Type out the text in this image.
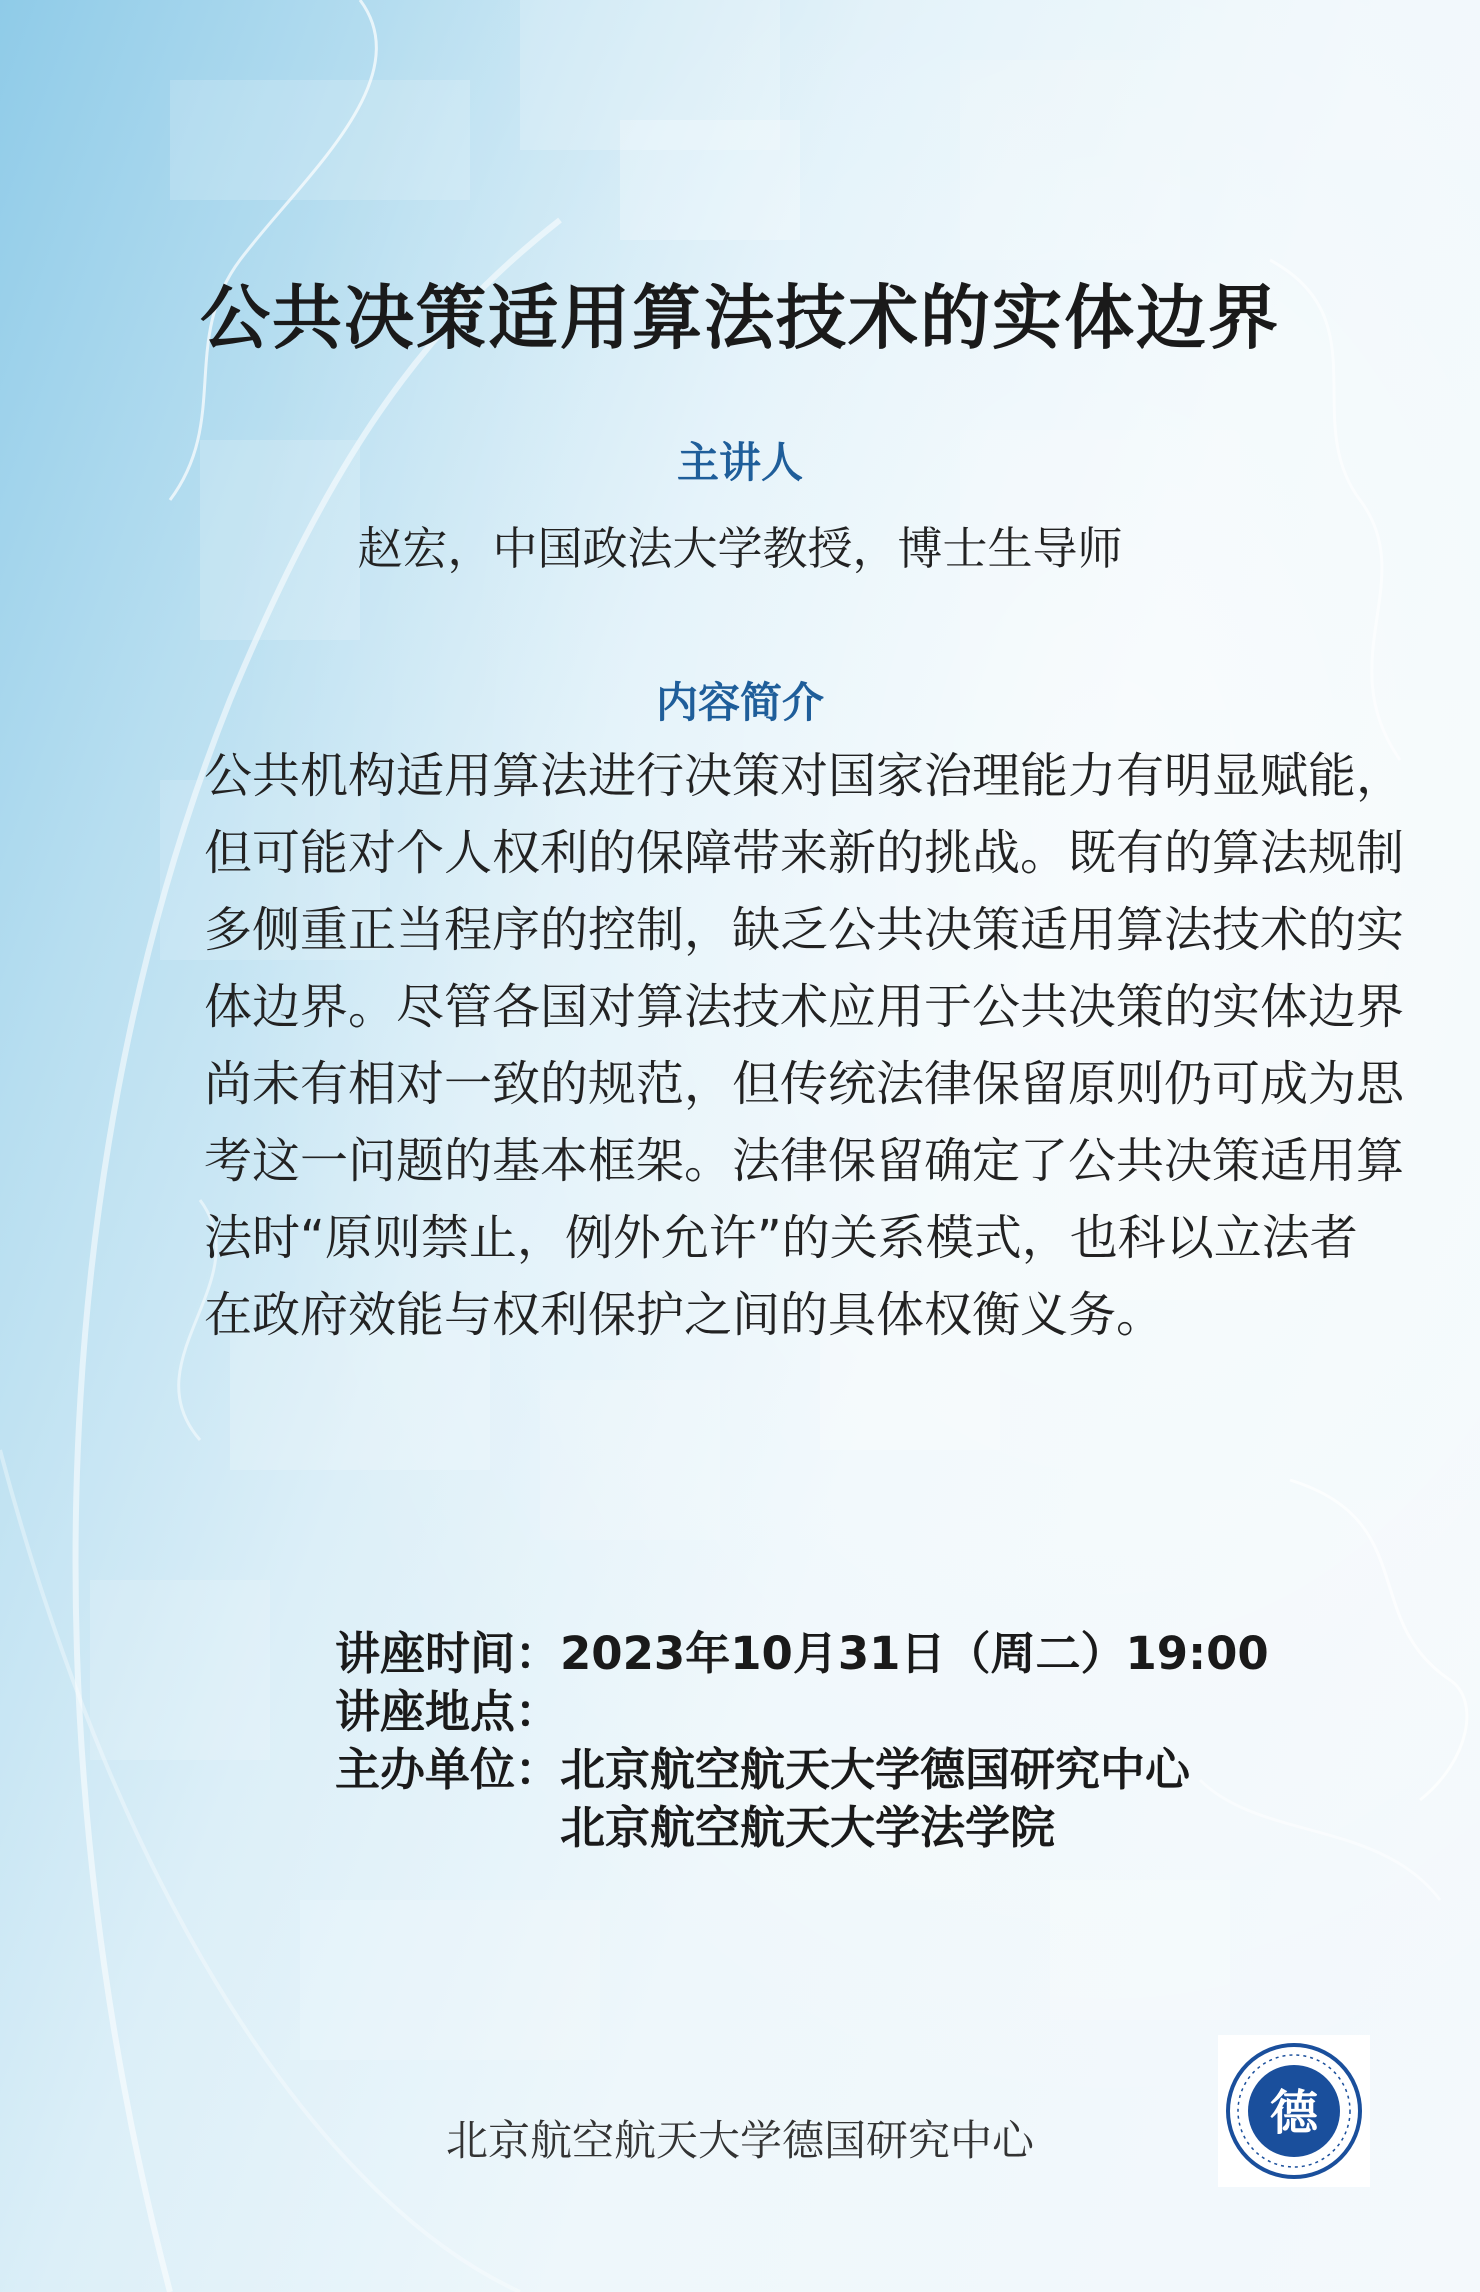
公共决策适用算法技术的实体边界
主讲人
赵宏，中国政法大学教授，博士生导师
内容简介
公共机构适用算法进行决策对国家治理能力有明显赋能，
但可能对个人权利的保障带来新的挑战。既有的算法规制
多侧重正当程序的控制，缺乏公共决策适用算法技术的实
体边界。尽管各国对算法技术应用于公共决策的实体边界
尚未有相对一致的规范，但传统法律保留原则仍可成为思
考这一问题的基本框架。法律保留确定了公共决策适用算
法时“原则禁止，例外允许”的关系模式，也科以立法者
在政府效能与权利保护之间的具体权衡义务。
讲座时间： 2023年10月31日（周二）19:00
讲座地点：
主办单位： 北京航空航天大学德国研究中心
北京航空航天大学法学院
北京航空航天大学德国研究中心	德
